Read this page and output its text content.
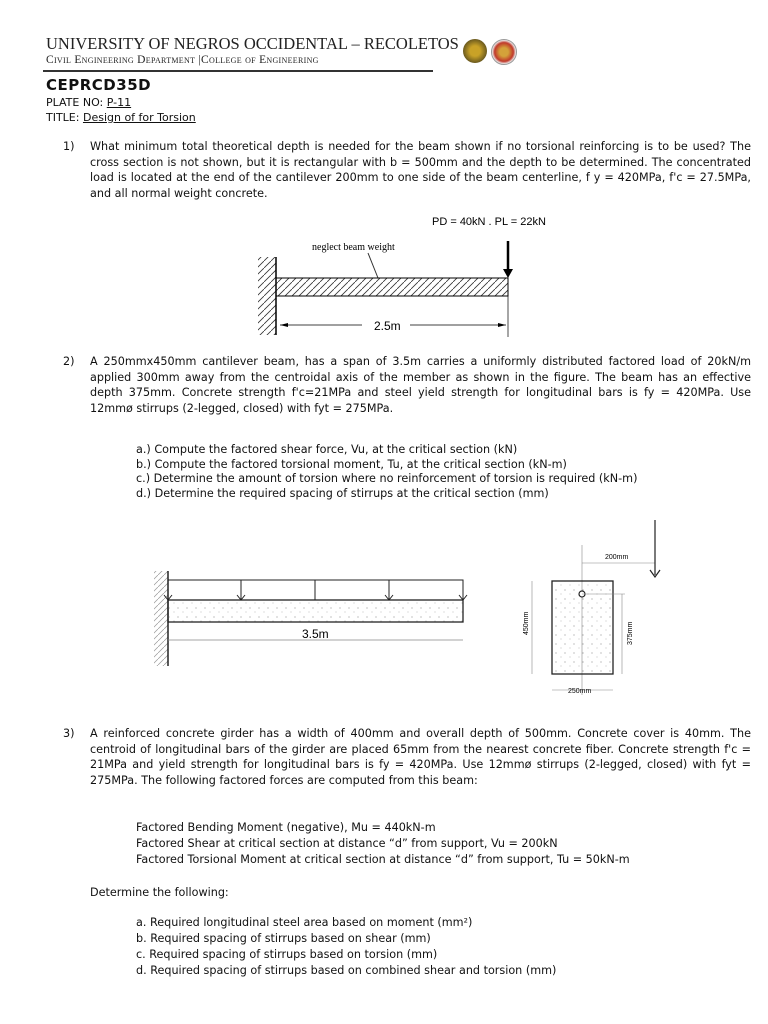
UNIVERSITY OF NEGROS OCCIDENTAL – RECOLETOS
Civil Engineering Department |College of Engineering
CEPRCD35D
PLATE NO: P-11
TITLE: Design of for Torsion
1) What minimum total theoretical depth is needed for the beam shown if no torsional reinforcing is to be used? The cross section is not shown, but it is rectangular with b = 500mm and the depth to be determined. The concentrated load is located at the end of the cantilever 200mm to one side of the beam centerline, f y = 420MPa, f'c = 27.5MPa, and all normal weight concrete.
PD = 40kN . PL = 22kN
neglect beam weight
2.5m
2) A 250mmx450mm cantilever beam, has a span of 3.5m carries a uniformly distributed factored load of 20kN/m applied 300mm away from the centroidal axis of the member as shown in the figure. The beam has an effective depth 375mm. Concrete strength f'c=21MPa and steel yield strength for longitudinal bars is fy = 420MPa. Use 12mmø stirrups (2-legged, closed) with fyt = 275MPa.
a.) Compute the factored shear force, Vu, at the critical section (kN)
b.) Compute the factored torsional moment, Tu, at the critical section (kN-m)
c.) Determine the amount of torsion where no reinforcement of torsion is required (kN-m)
d.) Determine the required spacing of stirrups at the critical section (mm)
3.5m
200mm
450mm	375mm
250mm
3) A reinforced concrete girder has a width of 400mm and overall depth of 500mm. Concrete cover is 40mm. The centroid of longitudinal bars of the girder are placed 65mm from the nearest concrete fiber. Concrete strength f'c = 21MPa and yield strength for longitudinal bars is fy = 420MPa. Use 12mmø stirrups (2-legged, closed) with fyt = 275MPa. The following factored forces are computed from this beam:
Factored Bending Moment (negative), Mu = 440kN-m
Factored Shear at critical section at distance “d” from support, Vu = 200kN
Factored Torsional Moment at critical section at distance “d” from support, Tu = 50kN-m
Determine the following:
a. Required longitudinal steel area based on moment (mm²)
b. Required spacing of stirrups based on shear (mm)
c. Required spacing of stirrups based on torsion (mm)
d. Required spacing of stirrups based on combined shear and torsion (mm)
